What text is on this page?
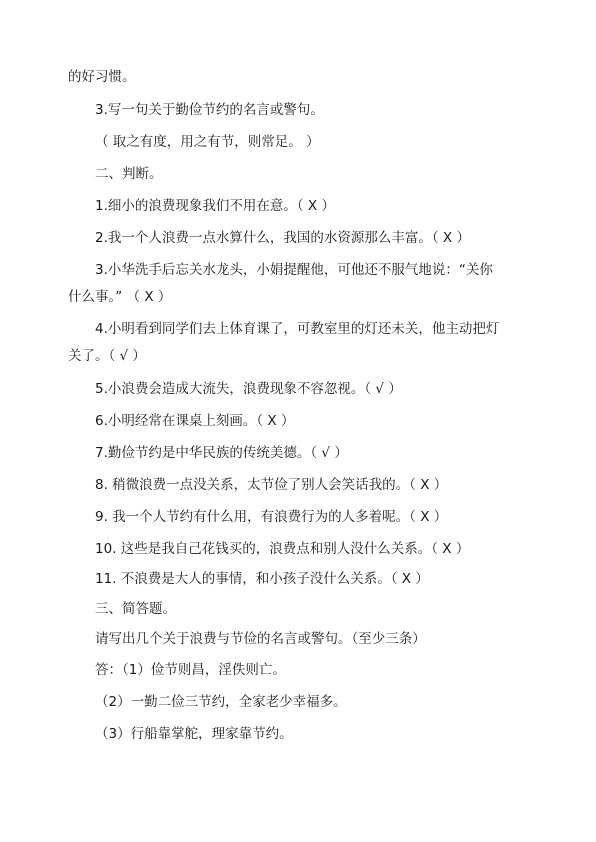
的好习惯。
3.写一句关于勤俭节约的名言或警句。
（ 取之有度，用之有节，则常足。 ）
二、判断。
1.细小的浪费现象我们不用在意。（ X ）
2.我一个人浪费一点水算什么，我国的水资源那么丰富。（ X ）
3.小华洗手后忘关水龙头，小娟提醒他，可他还不服气地说：“关你
什么事。” （ X ）
4.小明看到同学们去上体育课了，可教室里的灯还未关，他主动把灯
关了。（ √ ）
5.小浪费会造成大流失，浪费现象不容忽视。（ √ ）
6.小明经常在课桌上刻画。（ X ）
7.勤俭节约是中华民族的传统美德。（ √ ）
8. 稍微浪费一点没关系，太节俭了别人会笑话我的。（ X ）
9. 我一个人节约有什么用，有浪费行为的人多着呢。（ X ）
10. 这些是我自己花钱买的，浪费点和别人没什么关系。（ X ）
11. 不浪费是大人的事情，和小孩子没什么关系。（ X ）
三、简答题。
请写出几个关于浪费与节俭的名言或警句。（至少三条）
答：（1）俭节则昌，淫佚则亡。
（2）一勤二俭三节约，全家老少幸福多。
（3）行船靠掌舵，理家靠节约。
